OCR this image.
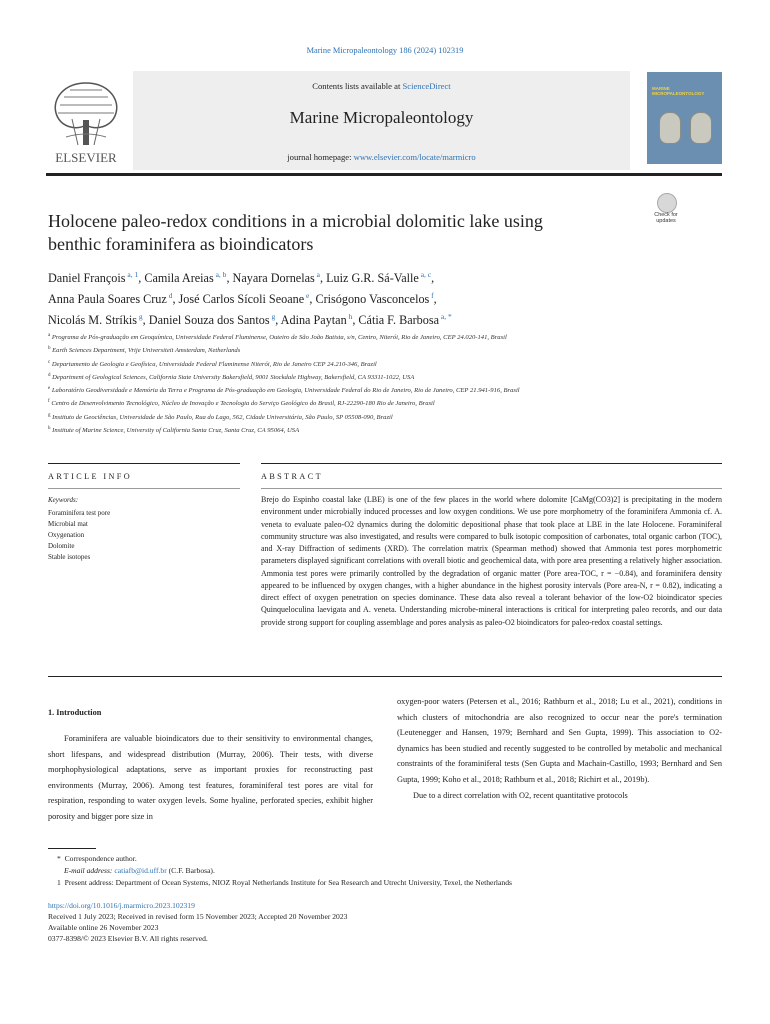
Marine Micropaleontology 186 (2024) 102319
ELSEVIER
Contents lists available at ScienceDirect
Marine Micropaleontology
journal homepage: www.elsevier.com/locate/marmicro
MARINE MICROPALEONTOLOGY
Check for
updates
Holocene paleo-redox conditions in a microbial dolomitic lake using
benthic foraminifera as bioindicators
Daniel François $^{a, 1}$, Camila Areias $^{a, b}$, Nayara Dornelas $^a$, Luiz G.R. Sá-Valle $^{a, c}$,
Anna Paula Soares Cruz $^d$, José Carlos Sícoli Seoane $^e$, Crisógono Vasconcelos $^f$,
Nicolás M. Stríkis $^g$, Daniel Souza dos Santos $^g$, Adina Paytan $^h$, Cátia F. Barbosa $^{a, *}$
$^a$ Programa de Pós-graduação em Geoquímica, Universidade Federal Fluminense, Outeiro de São João Batista, s/n, Centro, Niterói, Rio de Janeiro, CEP 24.020-141, Brasil
$^b$ Earth Sciences Department, Vrije Universiteit Amsterdam, Netherlands
$^c$ Departamento de Geologia e Geofísica, Universidade Federal Fluminense Niterói, Rio de Janeiro CEP 24.210-346, Brazil
$^d$ Department of Geological Sciences, California State University Bakersfield, 9001 Stockdale Highway, Bakersfield, CA 93311-1022, USA
$^e$ Laboratório Geodiversidade e Memória da Terra e Programa de Pós-graduação em Geologia, Universidade Federal do Rio de Janeiro, Rio de Janeiro, CEP 21.941-916, Brasil
$^f$ Centro de Desenvolvimento Tecnológico, Núcleo de Inovação e Tecnologia do Serviço Geológico do Brasil, RJ-22290-180 Rio de Janeiro, Brasil
$^g$ Instituto de Geociências, Universidade de São Paulo, Rua do Lago, 562, Cidade Universitária, São Paulo, SP 05508-090, Brazil
$^h$ Institute of Marine Science, University of California Santa Cruz, Santa Cruz, CA 95064, USA
ARTICLE INFO	ABSTRACT
Keywords:
Foraminifera test pore
Microbial mat
Oxygenation
Dolomite
Stable isotopes
Brejo do Espinho coastal lake (LBE) is one of the few places in the world where dolomite [CaMg(CO3)2] is precipitating in the modern environment under microbially induced processes and low oxygen conditions. We use pore morphometry of the foraminifera Ammonia cf. A. veneta to evaluate paleo-O2 dynamics during the dolomitic depositional phase that took place at LBE in the late Holocene. Foraminiferal community structure was also investigated, and results were compared to bulk isotopic composition of carbonates, total organic carbon (TOC), and X-ray Diffraction of sediments (XRD). The correlation matrix (Spearman method) showed that Ammonia test pores morphometric parameters displayed significant correlations with overall biotic and geochemical data, with pore area presenting a relatively higher association. Ammonia test pores were primarily controlled by the degradation of organic matter (Pore area-TOC, r = −0.84), and foraminifera density appeared to be influenced by oxygen changes, with a higher abundance in the highest porosity intervals (Pore area-N, r = 0.82), indicating a direct effect of oxygen penetration on species dominance. These data also reveal a tolerant behavior of the low-O2 bioindicator species Quinqueloculina laevigata and A. veneta. Understanding microbe-mineral interactions is critical for interpreting paleo records, and our data provide strong support for coupling assemblage and pores analysis as paleo-O2 bioindicators for paleo-redox coastal settings.
1. Introduction
Foraminifera are valuable bioindicators due to their sensitivity to environmental changes, short lifespans, and widespread distribution (Murray, 2006). Their tests, with diverse morphophysiological adaptations, serve as important proxies for reconstructing past environments (Murray, 2006). Among test features, foraminiferal test pores are vital for respiration, responding to water oxygen levels. Some hyaline, perforated species, exhibit higher porosity and bigger pore size in
oxygen-poor waters (Petersen et al., 2016; Rathburn et al., 2018; Lu et al., 2021), conditions in which clusters of mitochondria are also recognized to occur near the pore's termination (Leutenegger and Hansen, 1979; Bernhard and Sen Gupta, 1999). This association to O2-dynamics has been studied and recently suggested to be controlled by metabolic and mechanical constraints of the foraminiferal tests (Sen Gupta and Machain-Castillo, 1993; Bernhard and Sen Gupta, 1999; Koho et al., 2018; Rathburn et al., 2018; Richirt et al., 2019b).
Due to a direct correlation with O2, recent quantitative protocols
* Correspondence author.
E-mail address: catiafb@id.uff.br (C.F. Barbosa).
1 Present address: Department of Ocean Systems, NIOZ Royal Netherlands Institute for Sea Research and Utrecht University, Texel, the Netherlands
https://doi.org/10.1016/j.marmicro.2023.102319
Received 1 July 2023; Received in revised form 15 November 2023; Accepted 20 November 2023
Available online 26 November 2023
0377-8398/© 2023 Elsevier B.V. All rights reserved.
